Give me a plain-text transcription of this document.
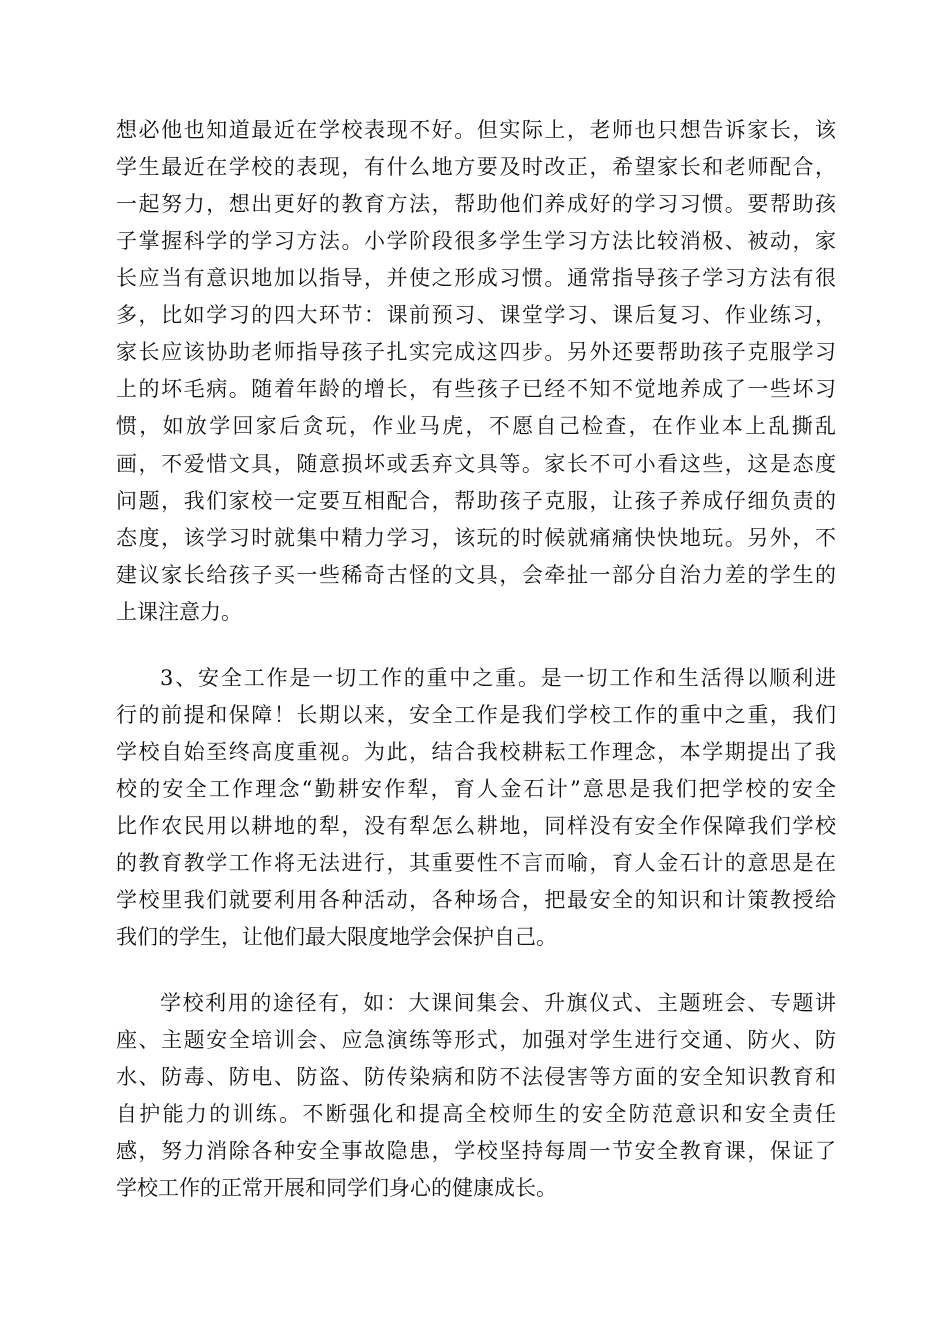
想必他也知道最近在学校表现不好。但实际上，老师也只想告诉家长，该
学生最近在学校的表现，有什么地方要及时改正，希望家长和老师配合，
一起努力，想出更好的教育方法，帮助他们养成好的学习习惯。要帮助孩
子掌握科学的学习方法。小学阶段很多学生学习方法比较消极、被动，家
长应当有意识地加以指导，并使之形成习惯。通常指导孩子学习方法有很
多，比如学习的四大环节：课前预习、课堂学习、课后复习、作业练习，
家长应该协助老师指导孩子扎实完成这四步。另外还要帮助孩子克服学习
上的坏毛病。随着年龄的增长，有些孩子已经不知不觉地养成了一些坏习
惯，如放学回家后贪玩，作业马虎，不愿自己检查，在作业本上乱撕乱
画，不爱惜文具，随意损坏或丢弃文具等。家长不可小看这些，这是态度
问题，我们家校一定要互相配合，帮助孩子克服，让孩子养成仔细负责的
态度，该学习时就集中精力学习，该玩的时候就痛痛快快地玩。另外，不
建议家长给孩子买一些稀奇古怪的文具，会牵扯一部分自治力差的学生的
上课注意力。
3、安全工作是一切工作的重中之重。是一切工作和生活得以顺利进
行的前提和保障！长期以来，安全工作是我们学校工作的重中之重，我们
学校自始至终高度重视。为此，结合我校耕耘工作理念，本学期提出了我
校的安全工作理念“勤耕安作犁，育人金石计”意思是我们把学校的安全
比作农民用以耕地的犁，没有犁怎么耕地，同样没有安全作保障我们学校
的教育教学工作将无法进行，其重要性不言而喻，育人金石计的意思是在
学校里我们就要利用各种活动，各种场合，把最安全的知识和计策教授给
我们的学生，让他们最大限度地学会保护自己。
学校利用的途径有，如：大课间集会、升旗仪式、主题班会、专题讲
座、主题安全培训会、应急演练等形式，加强对学生进行交通、防火、防
水、防毒、防电、防盗、防传染病和防不法侵害等方面的安全知识教育和
自护能力的训练。不断强化和提高全校师生的安全防范意识和安全责任
感，努力消除各种安全事故隐患，学校坚持每周一节安全教育课，保证了
学校工作的正常开展和同学们身心的健康成长。
